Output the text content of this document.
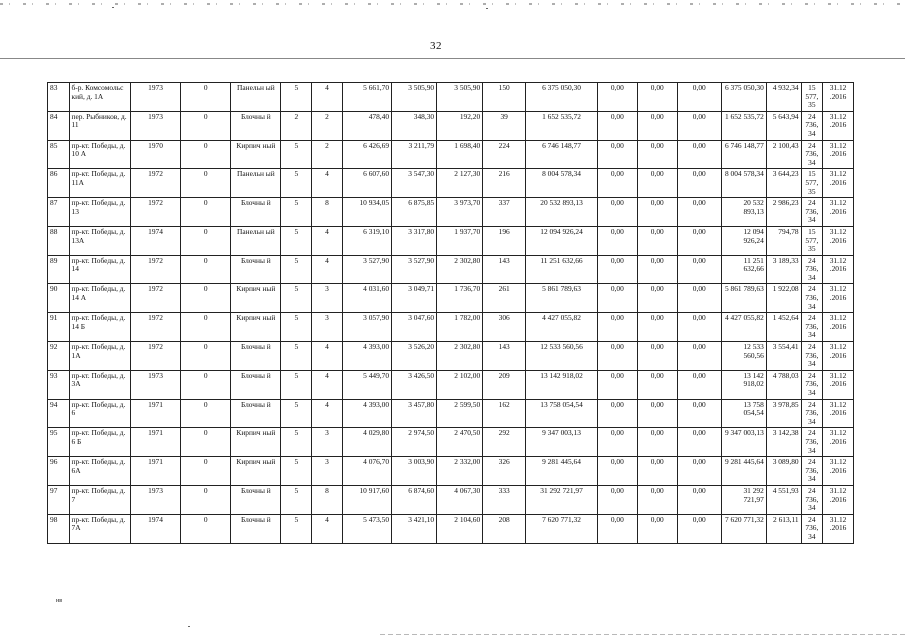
32
83	б-р. Комсомольс кий, д. 1А	1973	0	Панельн ый	5	4	5 661,70	3 505,90	3 505,90	150	6 375 050,30	0,00	0,00	0,00	6 375 050,30	4 932,34	15 577, 35	31.12 .2016
84	пер. Рыбников, д. 11	1973	0	Блочны й	2	2	478,40	348,30	192,20	39	1 652 535,72	0,00	0,00	0,00	1 652 535,72	5 643,94	24 736, 34	31.12 .2016
85	пр-кт. Победы, д. 10 А	1970	0	Кирпич ный	5	2	6 426,69	3 211,79	1 698,40	224	6 746 148,77	0,00	0,00	0,00	6 746 148,77	2 100,43	24 736, 34	31.12 .2016
86	пр-кт. Победы, д. 11А	1972	0	Панельн ый	5	4	6 607,60	3 547,30	2 127,30	216	8 004 578,34	0,00	0,00	0,00	8 004 578,34	3 644,23	15 577, 35	31.12 .2016
87	пр-кт. Победы, д. 13	1972	0	Блочны й	5	8	10 934,05	6 875,85	3 973,70	337	20 532 893,13	0,00	0,00	0,00	20 532 893,13	2 986,23	24 736, 34	31.12 .2016
88	пр-кт. Победы, д. 13А	1974	0	Панельн ый	5	4	6 319,10	3 317,80	1 937,70	196	12 094 926,24	0,00	0,00	0,00	12 094 926,24	794,78	15 577, 35	31.12 .2016
89	пр-кт. Победы, д. 14	1972	0	Блочны й	5	4	3 527,90	3 527,90	2 302,80	143	11 251 632,66	0,00	0,00	0,00	11 251 632,66	3 189,33	24 736, 34	31.12 .2016
90	пр-кт. Победы, д. 14 А	1972	0	Кирпич ный	5	3	4 031,60	3 049,71	1 736,70	261	5 861 789,63	0,00	0,00	0,00	5 861 789,63	1 922,08	24 736, 34	31.12 .2016
91	пр-кт. Победы, д. 14 Б	1972	0	Кирпич ный	5	3	3 057,90	3 047,60	1 782,00	306	4 427 055,82	0,00	0,00	0,00	4 427 055,82	1 452,64	24 736, 34	31.12 .2016
92	пр-кт. Победы, д. 1А	1972	0	Блочны й	5	4	4 393,00	3 526,20	2 302,80	143	12 533 560,56	0,00	0,00	0,00	12 533 560,56	3 554,41	24 736, 34	31.12 .2016
93	пр-кт. Победы, д. 3А	1973	0	Блочны й	5	4	5 449,70	3 426,50	2 102,00	209	13 142 918,02	0,00	0,00	0,00	13 142 918,02	4 788,03	24 736, 34	31.12 .2016
94	пр-кт. Победы, д. 6	1971	0	Блочны й	5	4	4 393,00	3 457,80	2 599,50	162	13 758 054,54	0,00	0,00	0,00	13 758 054,54	3 978,85	24 736, 34	31.12 .2016
95	пр-кт. Победы, д. 6 Б	1971	0	Кирпич ный	5	3	4 029,80	2 974,50	2 470,50	292	9 347 003,13	0,00	0,00	0,00	9 347 003,13	3 142,38	24 736, 34	31.12 .2016
96	пр-кт. Победы, д. 6А	1971	0	Кирпич ный	5	3	4 076,70	3 003,90	2 332,00	326	9 281 445,64	0,00	0,00	0,00	9 281 445,64	3 089,80	24 736, 34	31.12 .2016
97	пр-кт. Победы, д. 7	1973	0	Блочны й	5	8	10 917,60	6 874,60	4 067,30	333	31 292 721,97	0,00	0,00	0,00	31 292 721,97	4 551,93	24 736, 34	31.12 .2016
98	пр-кт. Победы, д. 7А	1974	0	Блочны й	5	4	5 473,50	3 421,10	2 104,60	208	7 620 771,32	0,00	0,00	0,00	7 620 771,32	2 613,11	24 736, 34	31.12 .2016
нв
